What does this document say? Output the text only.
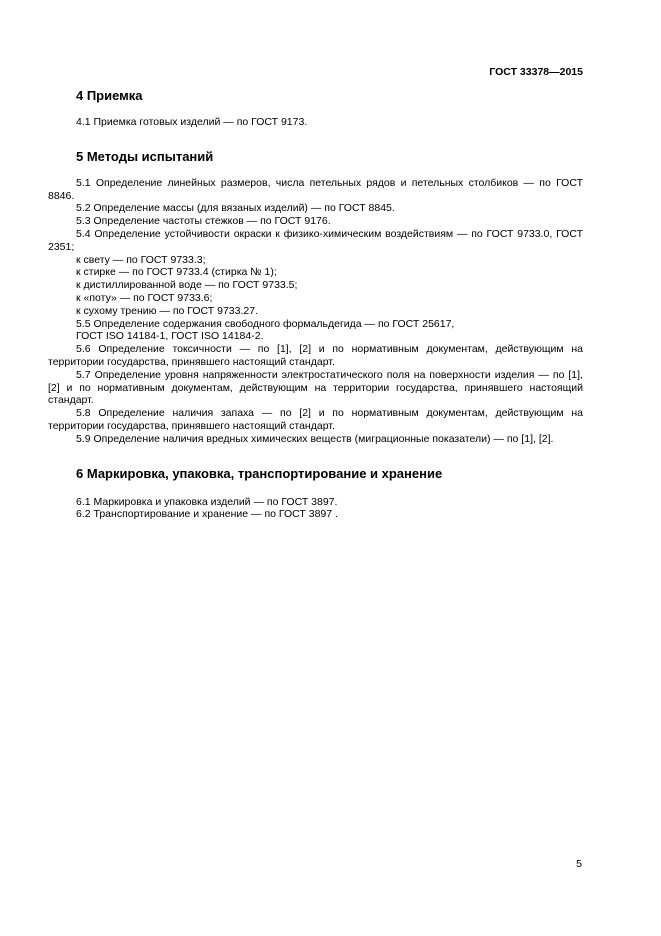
ГОСТ 33378—2015
4 Приемка

4.1 Приемка готовых изделий — по ГОСТ 9173.

5 Методы испытаний

5.1 Определение линейных размеров, числа петельных рядов и петельных столбиков — по ГОСТ 8846.

5.2 Определение массы (для вязаных изделий) — по ГОСТ 8845.

5.3 Определение частоты стежков — по ГОСТ 9176.

5.4 Определение устойчивости окраски к физико-химическим воздействиям — по ГОСТ 9733.0, ГОСТ 2351;

к свету — по ГОСТ 9733.3;

к стирке — по ГОСТ 9733.4 (стирка № 1);

к дистиллированной воде — по ГОСТ 9733.5;

к «поту» — по ГОСТ 9733.6;

к сухому трению — по ГОСТ 9733.27.

5.5 Определение содержания свободного формальдегида — по ГОСТ 25617,

ГОСТ ISO 14184-1, ГОСТ ISO 14184-2.

5.6 Определение токсичности — по [1], [2] и по нормативным документам, действующим на территории государства, принявшего настоящий стандарт.

5.7 Определение уровня напряженности электростатического поля на поверхности изделия — по [1], [2] и по нормативным документам, действующим на территории государства, принявшего настоящий стандарт.

5.8 Определение наличия запаха — по [2] и по нормативным документам, действующим на территории государства, принявшего настоящий стандарт.

5.9 Определение наличия вредных химических веществ (миграционные показатели) — по [1], [2].

6 Маркировка, упаковка, транспортирование и хранение

6.1 Маркировка и упаковка изделий — по ГОСТ 3897.

6.2 Транспортирование и хранение — по ГОСТ 3897 .

5
